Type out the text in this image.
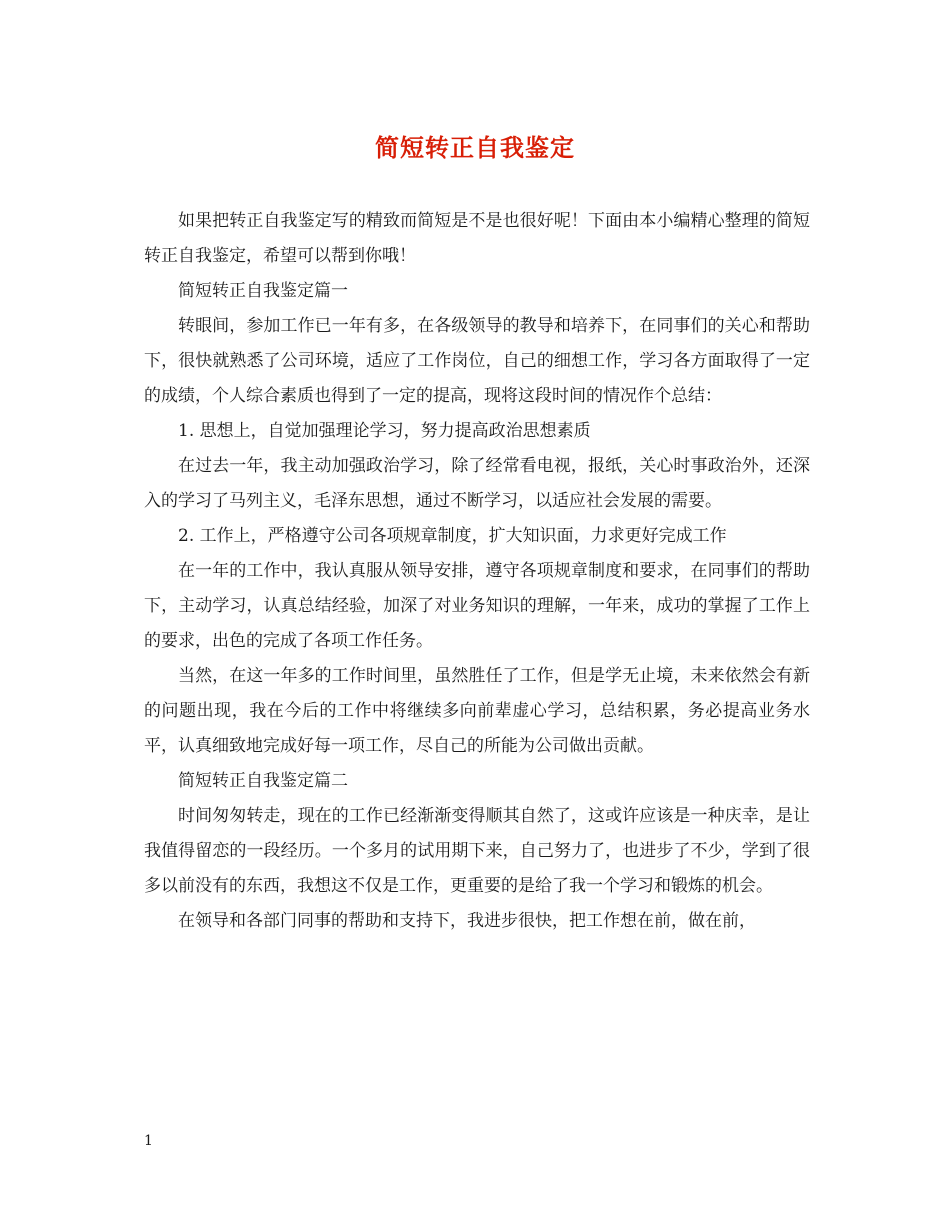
简短转正自我鉴定

如果把转正自我鉴定写的精致而简短是不是也很好呢！下面由本小编精心整理的简短转正自我鉴定，希望可以帮到你哦！

简短转正自我鉴定篇一

转眼间，参加工作已一年有多，在各级领导的教导和培养下，在同事们的关心和帮助下，很快就熟悉了公司环境，适应了工作岗位，自己的细想工作，学习各方面取得了一定的成绩，个人综合素质也得到了一定的提高，现将这段时间的情况作个总结：

1. 思想上，自觉加强理论学习，努力提高政治思想素质

在过去一年，我主动加强政治学习，除了经常看电视，报纸，关心时事政治外，还深入的学习了马列主义，毛泽东思想，通过不断学习，以适应社会发展的需要。

2. 工作上，严格遵守公司各项规章制度，扩大知识面，力求更好完成工作

在一年的工作中，我认真服从领导安排，遵守各项规章制度和要求，在同事们的帮助下，主动学习，认真总结经验，加深了对业务知识的理解，一年来，成功的掌握了工作上的要求，出色的完成了各项工作任务。

当然，在这一年多的工作时间里，虽然胜任了工作，但是学无止境，未来依然会有新的问题出现，我在今后的工作中将继续多向前辈虚心学习，总结积累，务必提高业务水平，认真细致地完成好每一项工作，尽自己的所能为公司做出贡献。

简短转正自我鉴定篇二

时间匆匆转走，现在的工作已经渐渐变得顺其自然了，这或许应该是一种庆幸，是让我值得留恋的一段经历。一个多月的试用期下来，自己努力了，也进步了不少，学到了很多以前没有的东西，我想这不仅是工作，更重要的是给了我一个学习和锻炼的机会。

在领导和各部门同事的帮助和支持下，我进步很快，把工作想在前，做在前，

1
